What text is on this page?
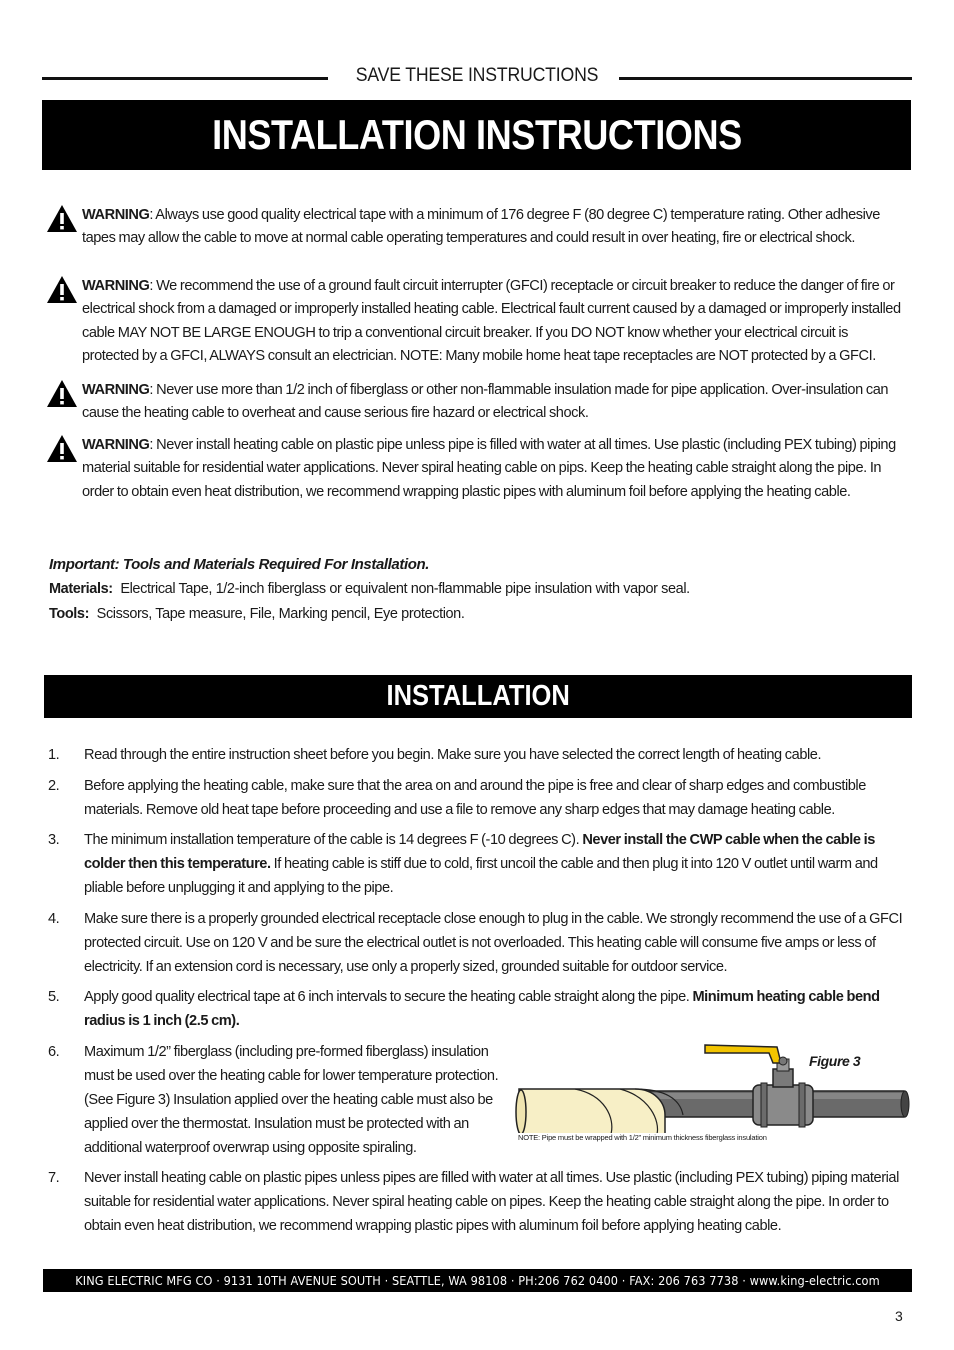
SAVE THESE INSTRUCTIONS
INSTALLATION INSTRUCTIONS
WARNING: Always use good quality electrical tape with a minimum of 176 degree F (80 degree C) temperature rating. Other adhesive tapes may allow the cable to move at normal cable operating temperatures and could result in over heating, fire or electrical shock.
WARNING: We recommend the use of a ground fault circuit interrupter (GFCI) receptacle or circuit breaker to reduce the danger of fire or electrical shock from a damaged or improperly installed heating cable. Electrical fault current caused by a damaged or improperly installed cable MAY NOT BE LARGE ENOUGH to trip a conventional circuit breaker. If you DO NOT know whether your electrical circuit is protected by a GFCI, ALWAYS consult an electrician. NOTE: Many mobile home heat tape receptacles are NOT protected by a GFCI.
WARNING: Never use more than 1/2 inch of fiberglass or other non-flammable insulation made for pipe application. Over-insulation can cause the heating cable to overheat and cause serious fire hazard or electrical shock.
WARNING: Never install heating cable on plastic pipe unless pipe is filled with water at all times. Use plastic (including PEX tubing) piping material suitable for residential water applications. Never spiral heating cable on pips. Keep the heating cable straight along the pipe. In order to obtain even heat distribution, we recommend wrapping plastic pipes with aluminum foil before applying the heating cable.
Important: Tools and Materials Required For Installation.
Materials: Electrical Tape, 1/2-inch fiberglass or equivalent non-flammable pipe insulation with vapor seal.
Tools: Scissors, Tape measure, File, Marking pencil, Eye protection.
INSTALLATION
1. Read through the entire instruction sheet before you begin. Make sure you have selected the correct length of heating cable.
2. Before applying the heating cable, make sure that the area on and around the pipe is free and clear of sharp edges and combustible materials. Remove old heat tape before proceeding and use a file to remove any sharp edges that may damage heating cable.
3. The minimum installation temperature of the cable is 14 degrees F (-10 degrees C). Never install the CWP cable when the cable is colder then this temperature. If heating cable is stiff due to cold, first uncoil the cable and then plug it into 120 V outlet until warm and pliable before unplugging it and applying to the pipe.
4. Make sure there is a properly grounded electrical receptacle close enough to plug in the cable. We strongly recommend the use of a GFCI protected circuit. Use on 120 V and be sure the electrical outlet is not overloaded. This heating cable will consume five amps or less of electricity. If an extension cord is necessary, use only a properly sized, grounded suitable for outdoor service.
5. Apply good quality electrical tape at 6 inch intervals to secure the heating cable straight along the pipe. Minimum heating cable bend radius is 1 inch (2.5 cm).
6. Maximum 1/2” fiberglass (including pre-formed fiberglass) insulation must be used over the heating cable for lower temperature protection. (See Figure 3) Insulation applied over the heating cable must also be applied over the thermostat. Insulation must be protected with an additional waterproof overwrap using opposite spiraling.
Figure 3
NOTE: Pipe must be wrapped with 1/2” minimum thickness fiberglass insulation
7. Never install heating cable on plastic pipes unless pipes are filled with water at all times. Use plastic (including PEX tubing) piping material suitable for residential water applications. Never spiral heating cable on pipes. Keep the heating cable straight along the pipe. In order to obtain even heat distribution, we recommend wrapping plastic pipes with aluminum foil before applying heating cable.
KING ELECTRIC MFG CO · 9131 10TH AVENUE SOUTH · SEATTLE, WA 98108 · PH:206 762 0400 · FAX: 206 763 7738 · www.king-electric.com
3
